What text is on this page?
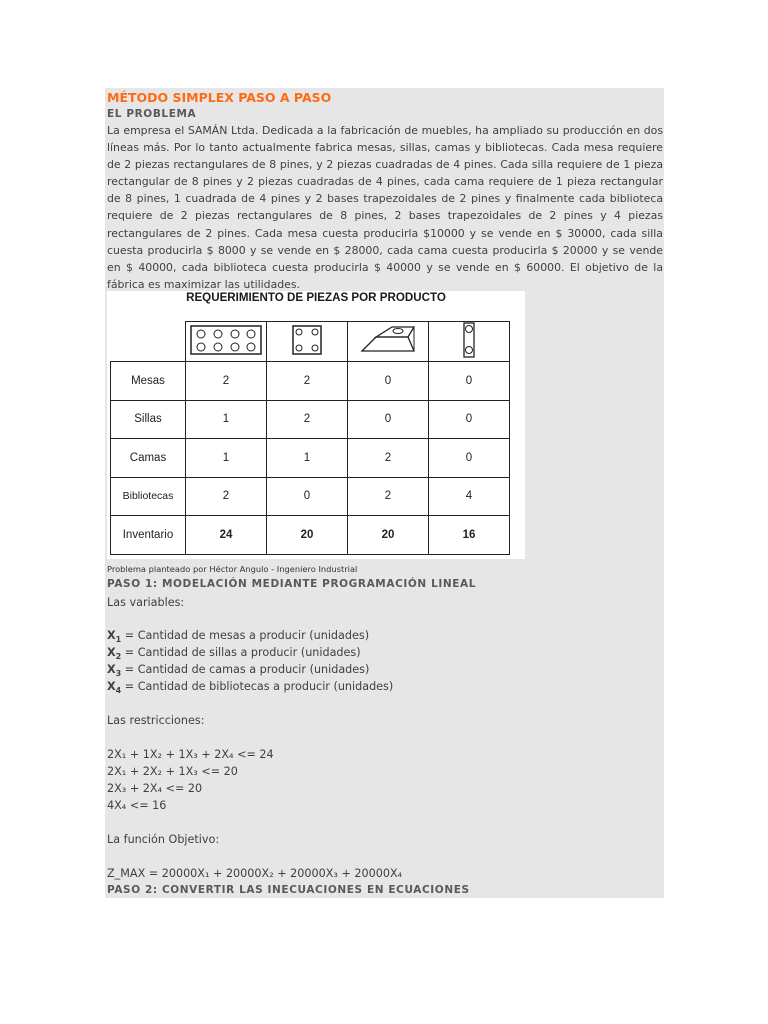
MÉTODO SIMPLEX PASO A PASO
EL PROBLEMA
La empresa el SAMÁN Ltda. Dedicada a la fabricación de muebles, ha ampliado su producción en dos líneas más. Por lo tanto actualmente fabrica mesas, sillas, camas y bibliotecas. Cada mesa requiere de 2 piezas rectangulares de 8 pines, y 2 piezas cuadradas de 4 pines. Cada silla requiere de 1 pieza rectangular de 8 pines y 2 piezas cuadradas de 4 pines, cada cama requiere de 1 pieza rectangular de 8 pines, 1 cuadrada de 4 pines y 2 bases trapezoidales de 2 pines y finalmente cada biblioteca requiere de 2 piezas rectangulares de 8 pines, 2 bases trapezoidales de 2 pines y 4 piezas rectangulares de 2 pines. Cada mesa cuesta producirla $10000 y se vende en $ 30000, cada silla cuesta producirla $ 8000 y se vende en $ 28000, cada cama cuesta producirla $ 20000 y se vende en $ 40000, cada biblioteca cuesta producirla $ 40000 y se vende en $ 60000. El objetivo de la fábrica es maximizar las utilidades.
REQUERIMIENTO DE PIEZAS POR PRODUCTO

Mesas	2	2	0	0
Sillas	1	2	0	0
Camas	1	1	2	0
Bibliotecas	2	0	2	4
Inventario	24	20	20	16
Problema planteado por Héctor Angulo - Ingeniero Industrial
PASO 1: MODELACIÓN MEDIANTE PROGRAMACIÓN LINEAL
Las variables:
$X_1$ = Cantidad de mesas a producir (unidades)
$X_2$ = Cantidad de sillas a producir (unidades)
$X_3$ = Cantidad de camas a producir (unidades)
$X_4$ = Cantidad de bibliotecas a producir (unidades)
Las restricciones:
2X₁ + 1X₂ + 1X₃ + 2X₄ <= 24
2X₁ + 2X₂ + 1X₃ <= 20
2X₃ + 2X₄ <= 20
4X₄ <= 16
La función Objetivo:
Z_MAX = 20000X₁ + 20000X₂ + 20000X₃ + 20000X₄
PASO 2: CONVERTIR LAS INECUACIONES EN ECUACIONES
